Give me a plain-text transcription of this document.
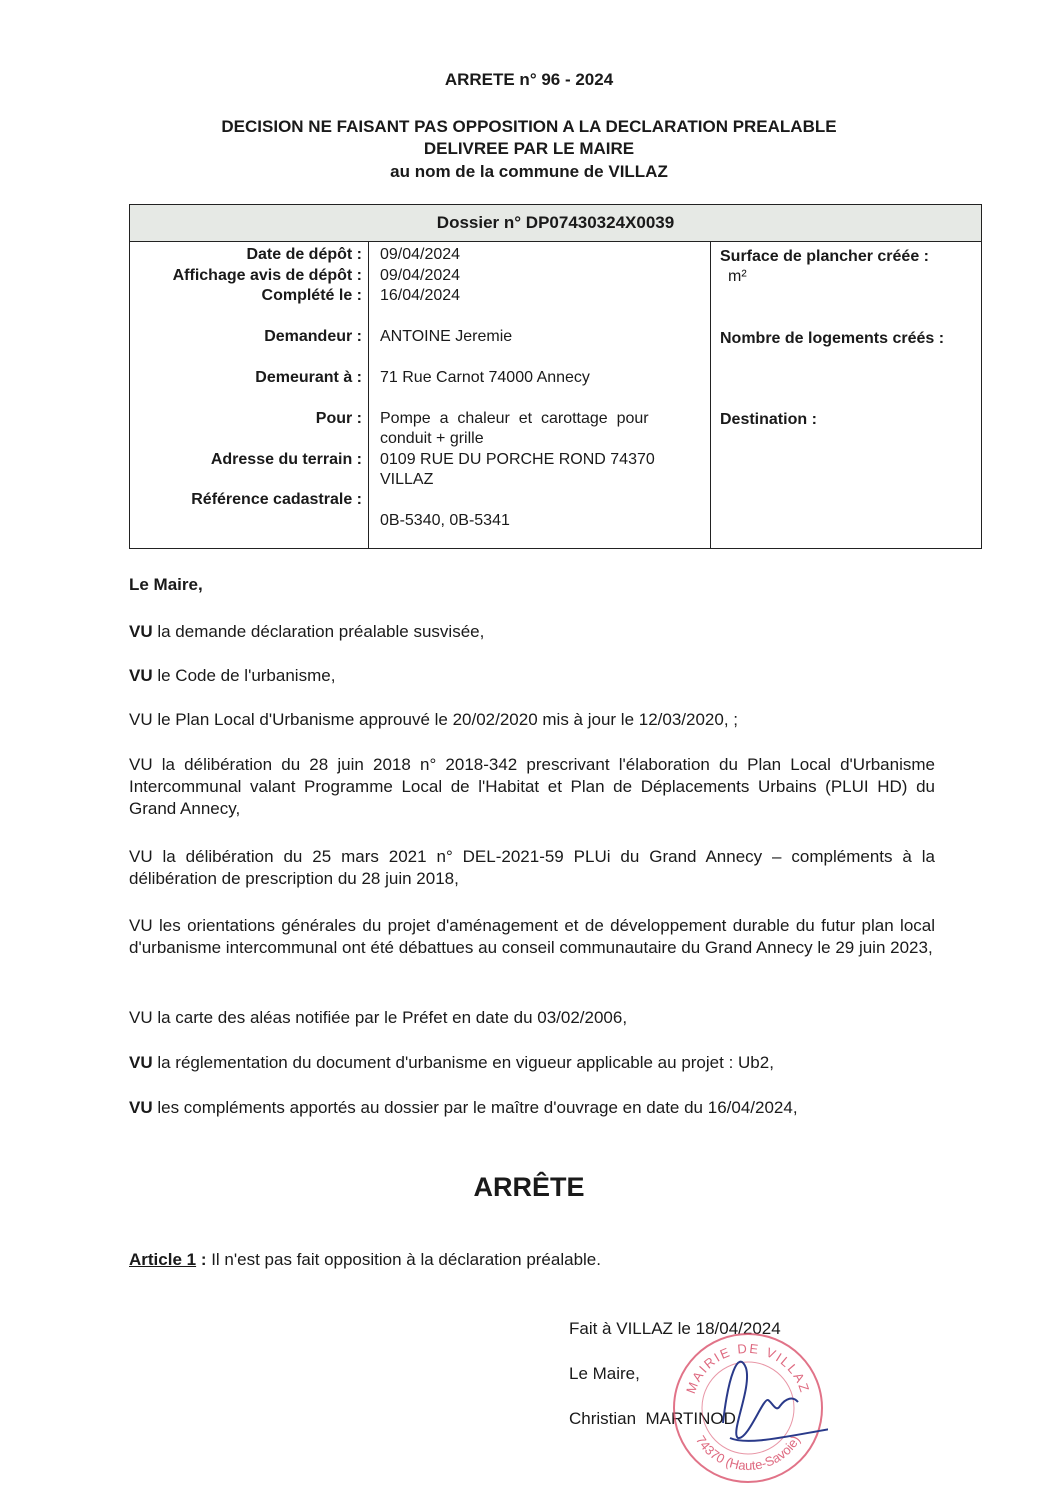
ARRETE n° 96 - 2024
DECISION NE FAISANT PAS OPPOSITION A LA DECLARATION PREALABLE
DELIVREE PAR LE MAIRE
au nom de la commune de VILLAZ
Dossier n° DP07430324X0039
Date de dépôt :
Affichage avis de dépôt :
Complété le :
Demandeur :
Demeurant à :
Pour :
Adresse du terrain :
Référence cadastrale :
09/04/2024
09/04/2024
16/04/2024
ANTOINE Jeremie
71 Rue Carnot 74000 Annecy
Pompe  a  chaleur  et  carottage  pour
conduit + grille
0109 RUE DU PORCHE ROND 74370
VILLAZ
0B-5340, 0B-5341
Surface de plancher créée :
m²
Nombre de logements créés :
Destination :
Le Maire,
VU la demande déclaration préalable susvisée,
VU le Code de l'urbanisme,
VU le Plan Local d'Urbanisme approuvé le 20/02/2020 mis à jour le 12/03/2020, ;
VU la délibération du 28 juin 2018 n° 2018-342 prescrivant l'élaboration du Plan Local d'Urbanisme Intercommunal valant Programme Local de l'Habitat et Plan de Déplacements Urbains (PLUI HD) du Grand Annecy,
VU la délibération du 25 mars 2021 n° DEL-2021-59 PLUi du Grand Annecy – compléments à la délibération de prescription du 28 juin 2018,
VU les orientations générales du projet d'aménagement et de développement durable du futur plan local d'urbanisme intercommunal ont été débattues au conseil communautaire du Grand Annecy le 29 juin 2023,
VU la carte des aléas notifiée par le Préfet en date du 03/02/2006,
VU la réglementation du document d'urbanisme en vigueur applicable au projet : Ub2,
VU les compléments apportés au dossier par le maître d'ouvrage en date du 16/04/2024,
ARRÊTE
Article 1 : Il n'est pas fait opposition à la déclaration préalable.
Fait à VILLAZ le 18/04/2024
Le Maire,
Christian  MARTINOD
MAIRIE DE VILLAZ
74370 (Haute-Savoie)
